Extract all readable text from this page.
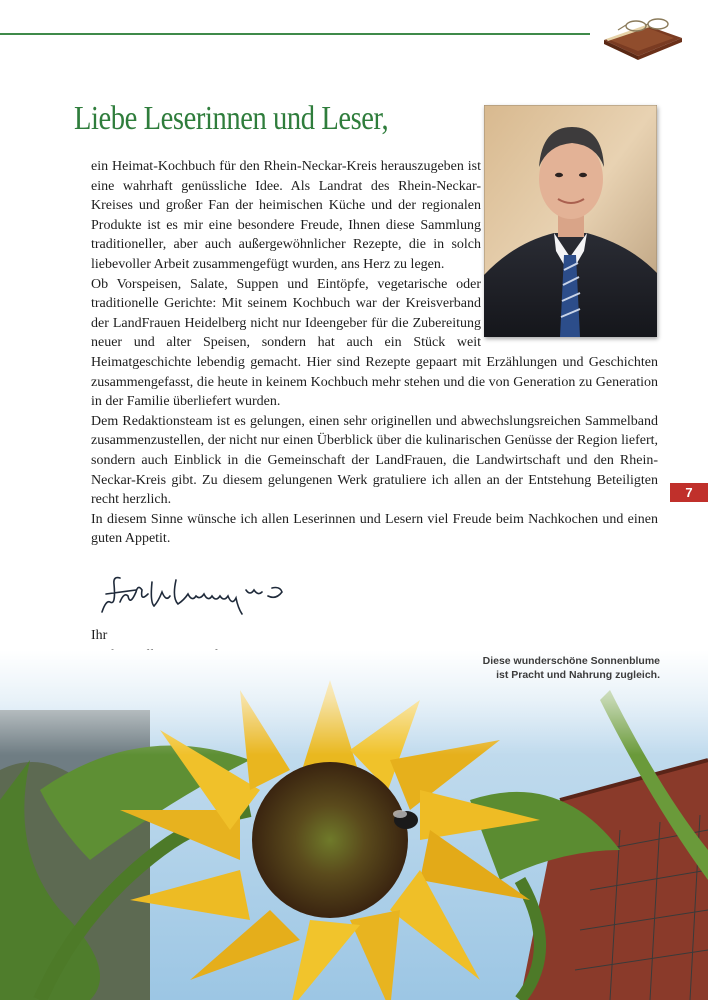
Liebe Leserinnen und Leser,

ein Heimat-Kochbuch für den Rhein-Neckar-Kreis herauszugeben ist eine wahrhaft genüssliche Idee. Als Landrat des Rhein-Neckar-Kreises und großer Fan der heimischen Küche und der regionalen Produkte ist es mir eine besondere Freude, Ihnen diese Sammlung traditioneller, aber auch außergewöhnlicher Rezepte, die in solch liebevoller Arbeit zusammengefügt wurden, ans Herz zu legen.

Ob Vorspeisen, Salate, Suppen und Eintöpfe, vegetarische oder traditionelle Gerichte: Mit seinem Kochbuch war der Kreisverband der LandFrauen Heidelberg nicht nur Ideengeber für die Zubereitung neuer und alter Speisen, sondern hat auch ein Stück weit Heimatgeschichte lebendig gemacht. Hier sind Rezepte gepaart mit Erzählungen und Geschichten zusammengefasst, die heute in keinem Kochbuch mehr stehen und die von Generation zu Generation in der Familie überliefert wurden.

Dem Redaktionsteam ist es gelungen, einen sehr originellen und abwechslungsreichen Sammelband zusammenzustellen, der nicht nur einen Überblick über die kulinarischen Genüsse der Region liefert, sondern auch Einblick in die Gemeinschaft der LandFrauen, die Landwirtschaft und den Rhein-Neckar-Kreis gibt. Zu diesem gelungenen Werk gratuliere ich allen an der Entstehung Beteiligten recht herzlich.

In diesem Sinne wünsche ich allen Leserinnen und Lesern viel Freude beim Nachkochen und einen guten Appetit.

Ihr
7
Diese wunderschöne Sonnenblume
ist Pracht und Nahrung zugleich.
